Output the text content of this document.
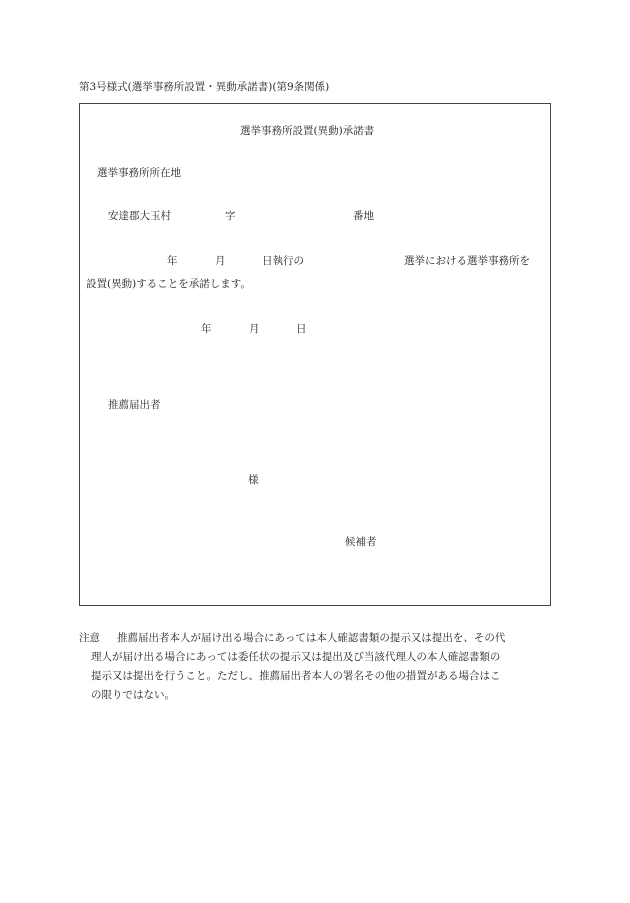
第3号様式(選挙事務所設置・異動承諾書)(第9条関係)
選挙事務所設置(異動)承諾書
選挙事務所所在地
安達郡大玉村	字	番地
年	月	日執行の	選挙における選挙事務所を
設置(異動)することを承諾します。
年	月	日
推薦届出者
様
候補者
注意	推薦届出者本人が届け出る場合にあっては本人確認書類の提示又は提出を、その代
理人が届け出る場合にあっては委任状の提示又は提出及び当該代理人の本人確認書類の
提示又は提出を行うこと。ただし、推薦届出者本人の署名その他の措置がある場合はこ
の限りではない。
